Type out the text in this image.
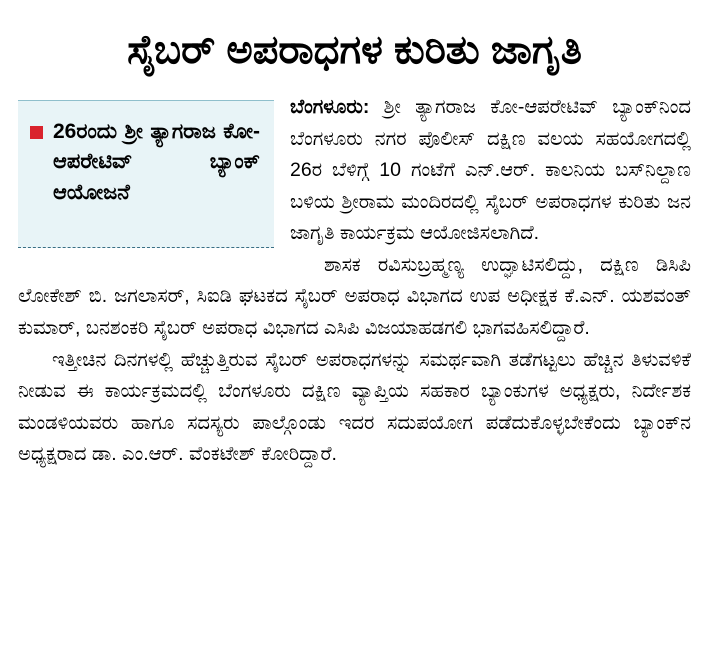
ಸೈಬರ್ ಅಪರಾಧಗಳ ಕುರಿತು ಜಾಗೃತಿ
26ರಂದು ಶ್ರೀ ತ್ಯಾಗರಾಜ ಕೋ-ಆಪರೇಟಿವ್ ಬ್ಯಾಂಕ್ ಆಯೋಜನೆ

ಬೆಂಗಳೂರು: ಶ್ರೀ ತ್ಯಾಗರಾಜ ಕೋ-ಆಪರೇಟಿವ್ ಬ್ಯಾಂಕ್‌ನಿಂದ ಬೆಂಗಳೂರು ನಗರ ಪೊಲೀಸ್ ದಕ್ಷಿಣ ವಲಯ ಸಹಯೋಗದಲ್ಲಿ 26ರ ಬೆಳಿಗ್ಗೆ 10 ಗಂಟೆಗೆ ಎನ್.ಆರ್. ಕಾಲನಿಯ ಬಸ್‌ನಿಲ್ದಾಣ ಬಳಿಯ ಶ್ರೀರಾಮ ಮಂದಿರದಲ್ಲಿ ಸೈಬರ್ ಅಪರಾಧಗಳ ಕುರಿತು ಜನ ಜಾಗೃತಿ ಕಾರ್ಯಕ್ರಮ ಆಯೋಜಿಸಲಾಗಿದೆ.

ಶಾಸಕ ರವಿಸುಬ್ರಹ್ಮಣ್ಯ ಉದ್ಘಾಟಿಸಲಿದ್ದು, ದಕ್ಷಿಣ ಡಿಸಿಪಿ ಲೋಕೇಶ್ ಬಿ. ಜಗಲಾಸರ್, ಸಿಐಡಿ ಘಟಕದ ಸೈಬರ್ ಅಪರಾಧ ವಿಭಾಗದ ಉಪ ಅಧೀಕ್ಷಕ ಕೆ.ಎನ್. ಯಶವಂತ್ ಕುಮಾರ್, ಬನಶಂಕರಿ ಸೈಬರ್ ಅಪರಾಧ ವಿಭಾಗದ ಎಸಿಪಿ ವಿಜಯಾಹಡಗಲಿ ಭಾಗವಹಿಸಲಿದ್ದಾರೆ.

ಇತ್ತೀಚಿನ ದಿನಗಳಲ್ಲಿ ಹೆಚ್ಚುತ್ತಿರುವ ಸೈಬರ್ ಅಪರಾಧಗಳನ್ನು ಸಮರ್ಥವಾಗಿ ತಡೆಗಟ್ಟಲು ಹೆಚ್ಚಿನ ತಿಳುವಳಿಕೆ ನೀಡುವ ಈ ಕಾರ್ಯಕ್ರಮದಲ್ಲಿ ಬೆಂಗಳೂರು ದಕ್ಷಿಣ ವ್ಯಾಪ್ತಿಯ ಸಹಕಾರ ಬ್ಯಾಂಕುಗಳ ಅಧ್ಯಕ್ಷರು, ನಿರ್ದೇಶಕ ಮಂಡಳಿಯವರು ಹಾಗೂ ಸದಸ್ಯರು ಪಾಲ್ಗೊಂಡು ಇದರ ಸದುಪಯೋಗ ಪಡೆದುಕೊಳ್ಳಬೇಕೆಂದು ಬ್ಯಾಂಕ್‌ನ ಅಧ್ಯಕ್ಷರಾದ ಡಾ. ಎಂ.ಆರ್. ವೆಂಕಟೇಶ್ ಕೋರಿದ್ದಾರೆ.
